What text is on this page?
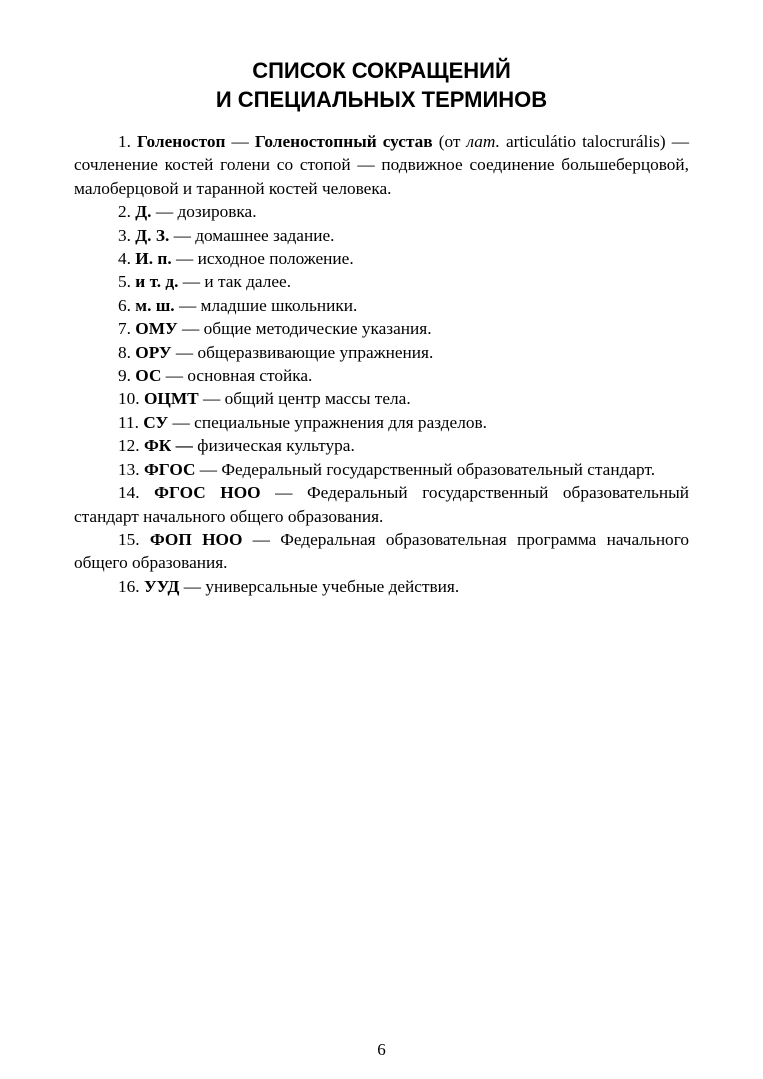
СПИСОК СОКРАЩЕНИЙ
И СПЕЦИАЛЬНЫХ ТЕРМИНОВ

1. Голеностоп — Голеностопный сустав (от лат. articulátio talocrurális) — сочленение костей голени со стопой — подвижное соединение большеберцовой, малоберцовой и таранной костей человека.

2. Д. — дозировка.

3. Д. З. — домашнее задание.

4. И. п. — исходное положение.

5. и т. д. — и так далее.

6. м. ш. — младшие школьники.

7. ОМУ — общие методические указания.

8. ОРУ — общеразвивающие упражнения.

9. ОС — основная стойка.

10. ОЦМТ — общий центр массы тела.

11. СУ — специальные упражнения для разделов.

12. ФК — физическая культура.

13. ФГОС — Федеральный государственный образовательный стандарт.

14. ФГОС НОО — Федеральный государственный образовательный стандарт начального общего образования.

15. ФОП НОО — Федеральная образовательная программа начального общего образования.

16. УУД — универсальные учебные действия.

6
